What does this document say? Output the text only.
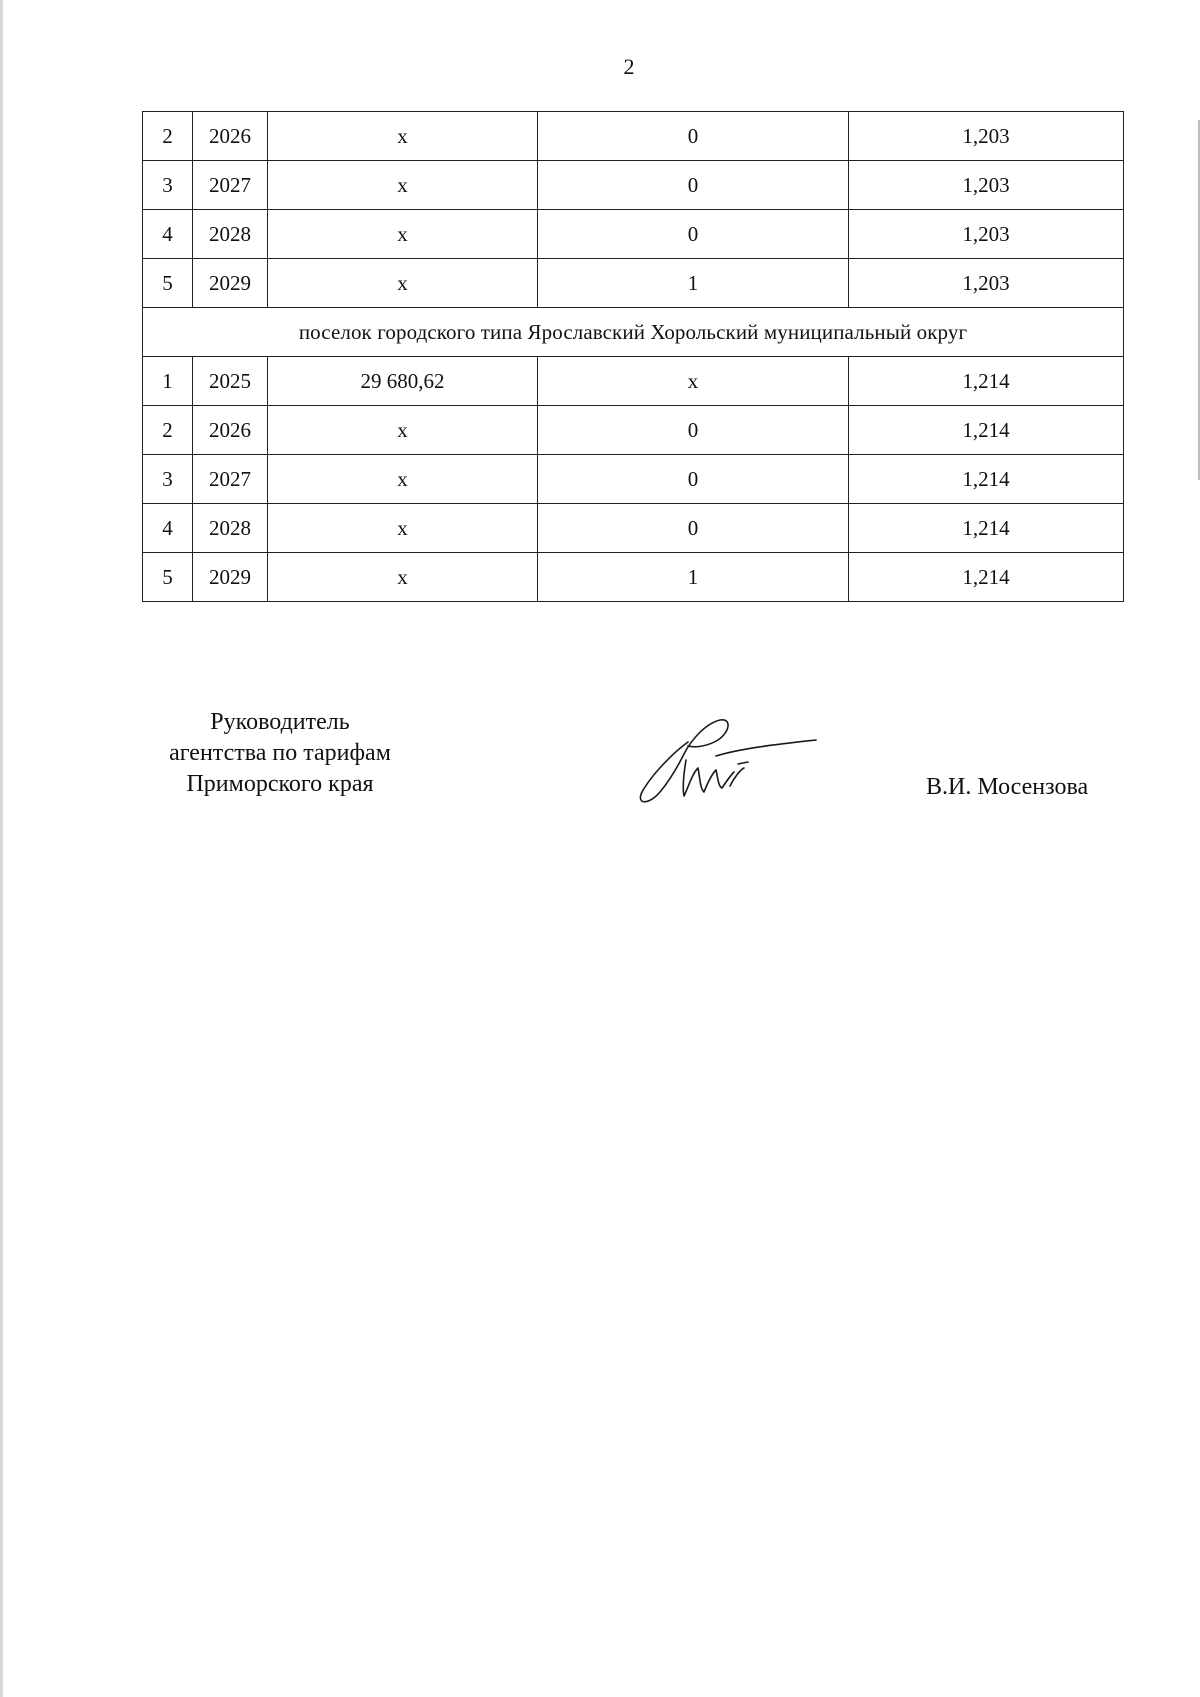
2
2	2026	х	0	1,203
3	2027	х	0	1,203
4	2028	х	0	1,203
5	2029	х	1	1,203
поселок городского типа Ярославский Хорольский муниципальный округ				
1	2025	29 680,62	х	1,214
2	2026	х	0	1,214
3	2027	х	0	1,214
4	2028	х	0	1,214
5	2029	х	1	1,214
Руководитель
агентства по тарифам
Приморского края	В.И. Мосензова
